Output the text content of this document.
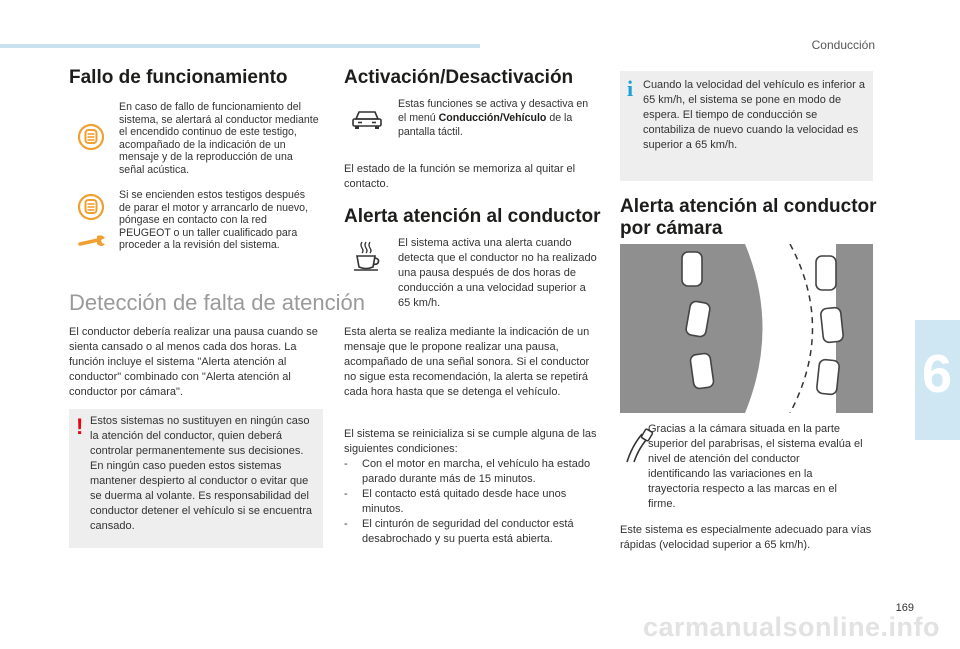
Conducción
6
Fallo de funcionamiento
En caso de fallo de funcionamiento del sistema, se alertará al conductor mediante el encendido continuo de este testigo, acompañado de la indicación de un mensaje y de la reproducción de una señal acústica.
Si se encienden estos testigos después de parar el motor y arrancarlo de nuevo, póngase en contacto con la red PEUGEOT o un taller cualificado para proceder a la revisión del sistema.
Detección de falta de atención
El conductor debería realizar una pausa cuando se sienta cansado o al menos cada dos horas. La función incluye el sistema "Alerta atención al conductor" combinado con "Alerta atención al conductor por cámara".
! Estos sistemas no sustituyen en ningún caso la atención del conductor, quien deberá controlar permanentemente sus decisiones. En ningún caso pueden estos sistemas mantener despierto al conductor o evitar que se duerma al volante. Es responsabilidad del conductor detener el vehículo si se encuentra cansado.
Activación/Desactivación
Estas funciones se activa y desactiva en el menú Conducción/Vehículo de la pantalla táctil.
El estado de la función se memoriza al quitar el contacto.
Alerta atención al conductor
El sistema activa una alerta cuando detecta que el conductor no ha realizado una pausa después de dos horas de conducción a una velocidad superior a 65 km/h.
Esta alerta se realiza mediante la indicación de un mensaje que le propone realizar una pausa, acompañado de una señal sonora. Si el conductor no sigue esta recomendación, la alerta se repetirá cada hora hasta que se detenga el vehículo.
El sistema se reinicializa si se cumple alguna de las siguientes condiciones:
- Con el motor en marcha, el vehículo ha estado parado durante más de 15 minutos.
- El contacto está quitado desde hace unos minutos.
- El cinturón de seguridad del conductor está desabrochado y su puerta está abierta.
i Cuando la velocidad del vehículo es inferior a 65 km/h, el sistema se pone en modo de espera. El tiempo de conducción se contabiliza de nuevo cuando la velocidad es superior a 65 km/h.
Alerta atención al conductor por cámara
Gracias a la cámara situada en la parte superior del parabrisas, el sistema evalúa el nivel de atención del conductor identificando las variaciones en la trayectoria respecto a las marcas en el firme.
Este sistema es especialmente adecuado para vías rápidas (velocidad superior a 65 km/h).
169
carmanualsonline.info
